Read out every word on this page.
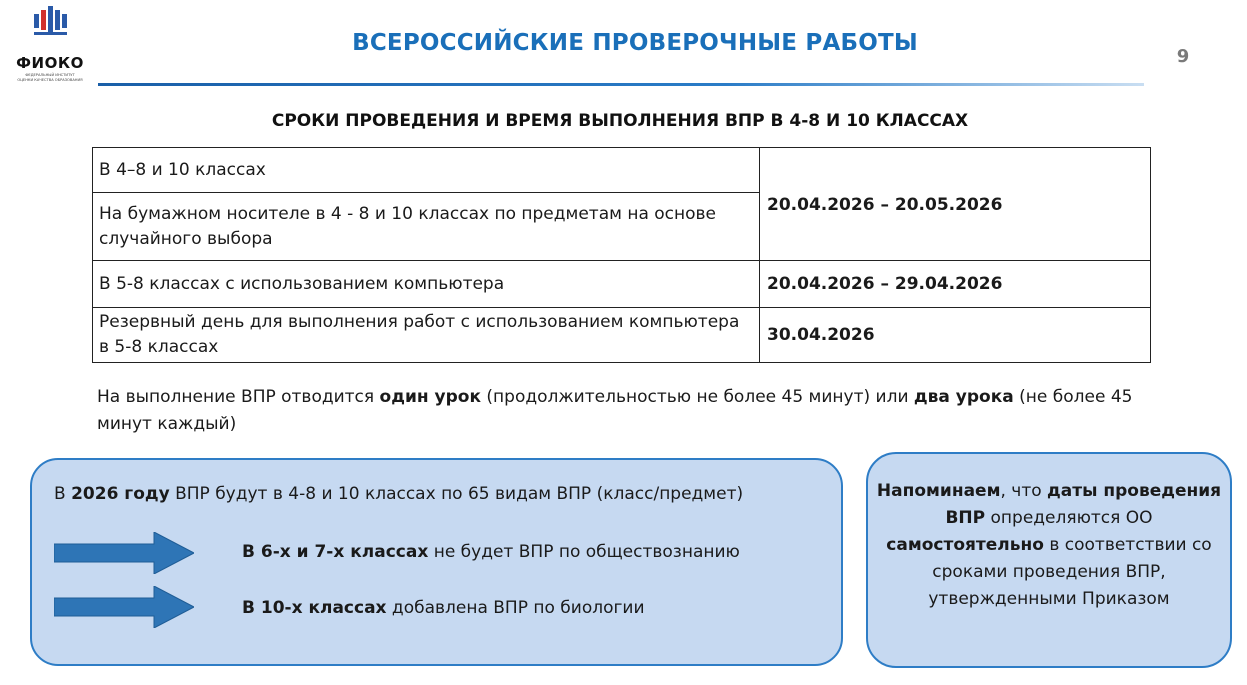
ФИОКО
ФЕДЕРАЛЬНЫЙ ИНСТИТУТ
ОЦЕНКИ КАЧЕСТВА ОБРАЗОВАНИЯ
ВСЕРОССИЙСКИЕ ПРОВЕРОЧНЫЕ РАБОТЫ
9
СРОКИ ПРОВЕДЕНИЯ И ВРЕМЯ ВЫПОЛНЕНИЯ ВПР В 4-8 И 10 КЛАССАХ
В 4–8 и 10 классах	20.04.2026 – 20.05.2026
На бумажном носителе в 4 - 8 и 10 классах по предметам на основе случайного выбора	
В 5-8 классах с использованием компьютера	20.04.2026 – 29.04.2026
Резервный день для выполнения работ с использованием компьютера в 5-8 классах	30.04.2026
На выполнение ВПР отводится один урок (продолжительностью не более 45 минут) или два урока (не более 45 минут каждый)
В 2026 году ВПР будут в 4-8 и 10 классах по 65 видам ВПР (класс/предмет)
В 6-х и 7-х классах не будет ВПР по обществознанию
В 10-х классах добавлена ВПР по биологии
Напоминаем, что даты проведения ВПР определяются ОО самостоятельно в соответствии со сроками проведения ВПР, утвержденными Приказом
